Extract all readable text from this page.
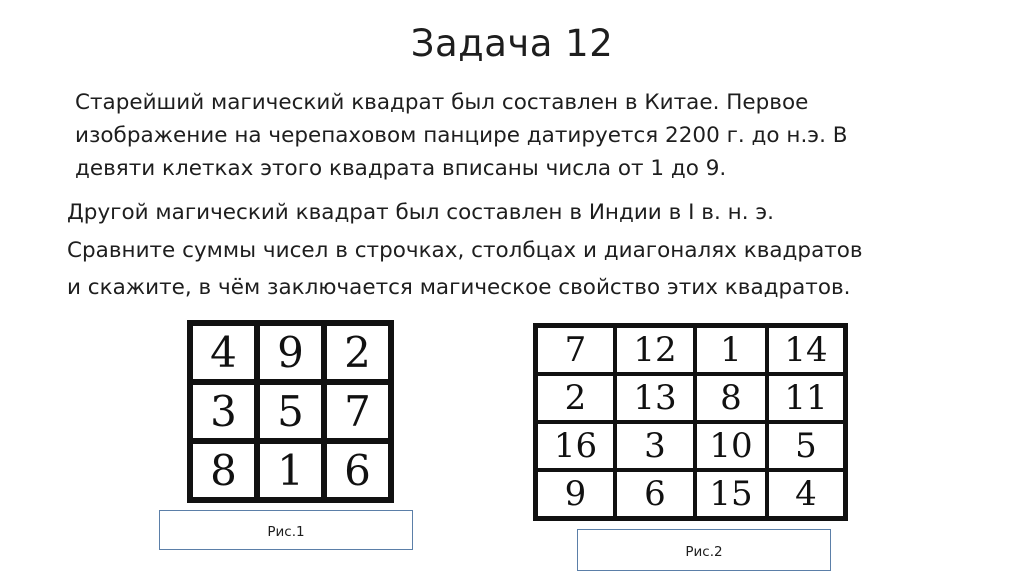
Задача 12
Старейший магический квадрат был составлен в Китае. Первое
изображение на черепаховом панцире датируется 2200 г. до н.э. В
девяти клетках этого квадрата вписаны числа от 1 до 9.
Другой магический квадрат был составлен в Индии в I в. н. э.
Сравните суммы чисел в строчках, столбцах и диагоналях квадратов
и скажите, в чём заключается магическое свойство этих квадратов.
4	9	2
3	5	7
8	1	6
7	12	1	14
2	13	8	11
16	3	10	5
9	6	15	4
Рис.1
Рис.2
